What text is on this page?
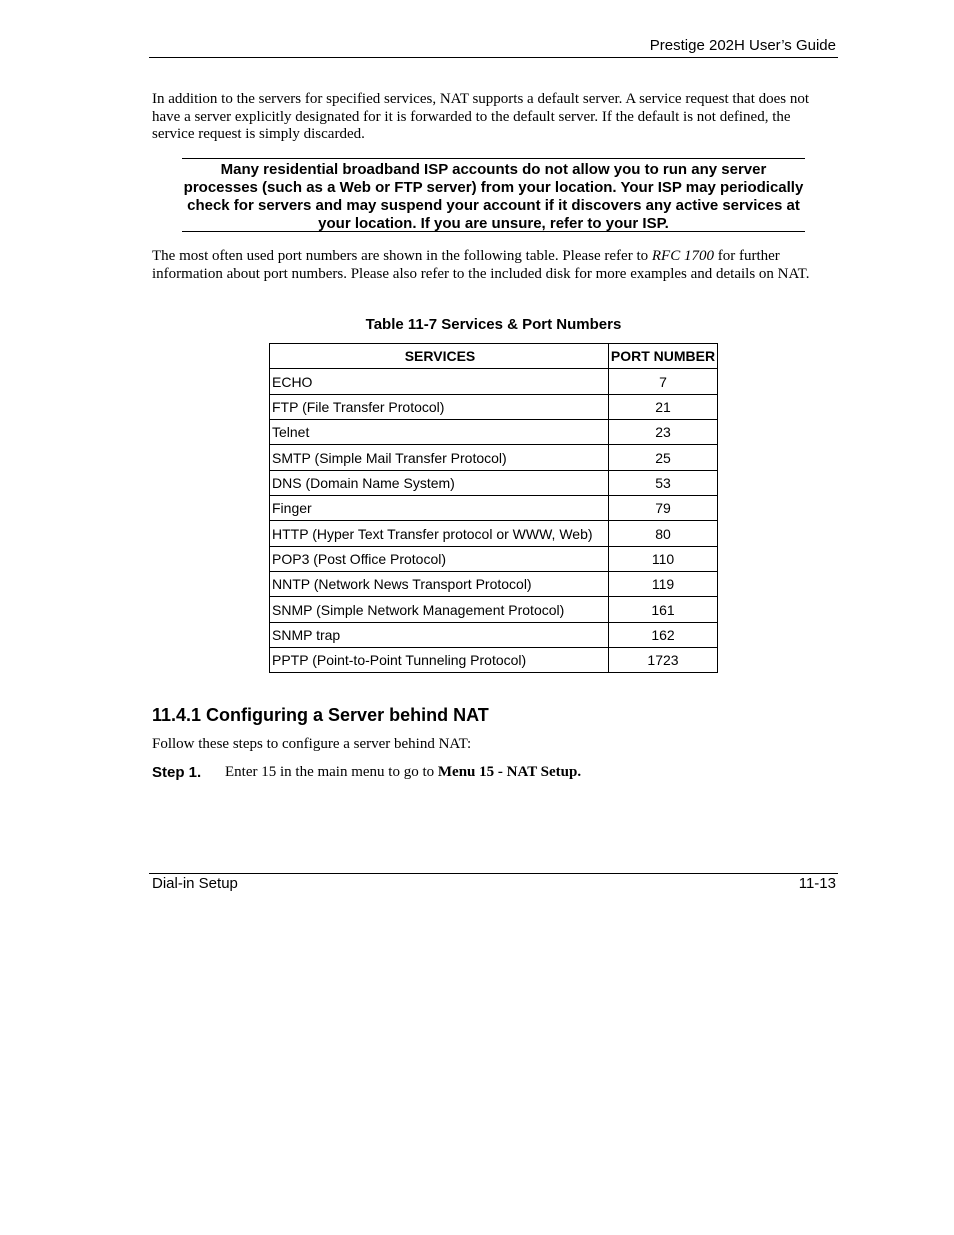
Prestige 202H User’s Guide

In addition to the servers for specified services, NAT supports a default server. A service request that does not have a server explicitly designated for it is forwarded to the default server. If the default is not defined, the service request is simply discarded.

Many residential broadband ISP accounts do not allow you to run any server processes (such as a Web or FTP server) from your location. Your ISP may periodically check for servers and may suspend your account if it discovers any active services at your location. If you are unsure, refer to your ISP.

The most often used port numbers are shown in the following table. Please refer to RFC 1700 for further information about port numbers. Please also refer to the included disk for more examples and details on NAT.

Table 11-7 Services & Port Numbers
SERVICES	PORT NUMBER
ECHO	7
FTP (File Transfer Protocol)	21
Telnet	23
SMTP (Simple Mail Transfer Protocol)	25
DNS (Domain Name System)	53
Finger	79
HTTP (Hyper Text Transfer protocol or WWW, Web)	80
POP3 (Post Office Protocol)	110
NNTP (Network News Transport Protocol)	119
SNMP (Simple Network Management Protocol)	161
SNMP trap	162
PPTP (Point-to-Point Tunneling Protocol)	1723
11.4.1 Configuring a Server behind NAT

Follow these steps to configure a server behind NAT:

Step 1. Enter 15 in the main menu to go to Menu 15 - NAT Setup.
Dial-in Setup	11-13
